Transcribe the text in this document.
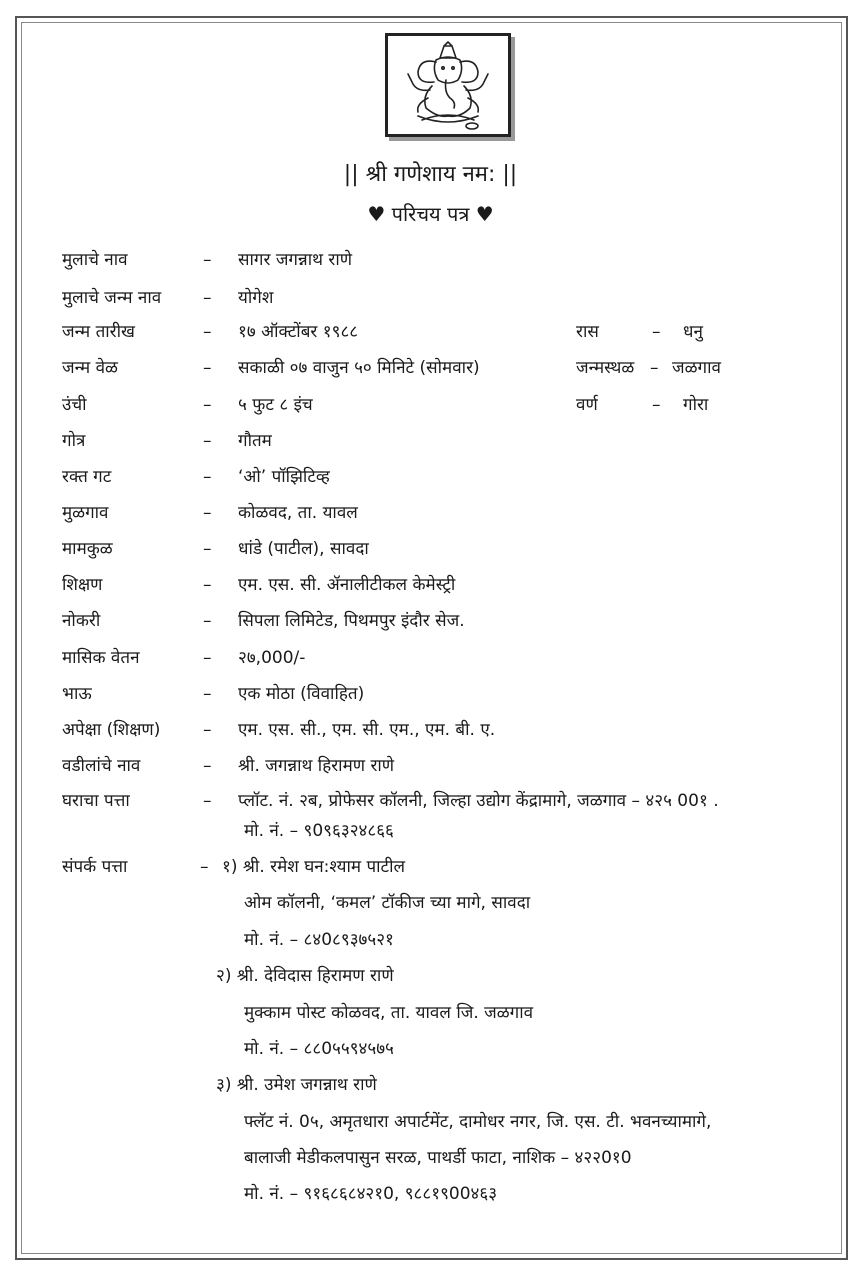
|| श्री गणेशाय नम: ||
♥ परिचय पत्र ♥
मुलाचे नाव	– सागर जगन्नाथ राणे
मुलाचे जन्म नाव – योगेश
जन्म तारीख	– १७ ऑक्टोंबर १९८८	रास	– धनु
जन्म वेळ	– सकाळी ०७ वाजुन ५० मिनिटे (सोमवार)	जन्मस्थळ – जळगाव
उंची	– ५ फुट ८ इंच	वर्ण	– गोरा
गोत्र	– गौतम
रक्त गट	– ‘ओ’ पॉझिटिव्ह
मुळगाव	– कोळवद, ता. यावल
मामकुळ	– धांडे (पाटील), सावदा
शिक्षण	– एम. एस. सी. ॲनालीटीकल केमेस्ट्री
नोकरी	– सिपला लिमिटेड, पिथमपुर इंदौर सेज.
मासिक वेतन	– २७,000/-
भाऊ	– एक मोठा (विवाहित)
अपेक्षा (शिक्षण)	– एम. एस. सी., एम. सी. एम., एम. बी. ए.
वडीलांचे नाव	– श्री. जगन्नाथ हिरामण राणे
घराचा पत्ता	– प्लॉट. नं. २ब, प्रोफेसर कॉलनी, जिल्हा उद्योग केंद्रामागे, जळगाव – ४२५ 00१ .
मो. नं. – ९0९६३२४८६६
संपर्क पत्ता	– १) श्री. रमेश घन:श्याम पाटील
ओम कॉलनी, ‘कमल’ टॉकीज च्या मागे, सावदा
मो. नं. – ८४0८९३७५२१
२) श्री. देविदास हिरामण राणे
मुक्काम पोस्ट कोळवद, ता. यावल जि. जळगाव
मो. नं. – ८८0५५९४५७५
३) श्री. उमेश जगन्नाथ राणे
फ्लॅट नं. 0५, अमृतधारा अपार्टमेंट, दामोधर नगर, जि. एस. टी. भवनच्यामागे,
बालाजी मेडीकलपासुन सरळ, पाथर्डी फाटा, नाशिक – ४२२0१0
मो. नं. – ९१६८६८४२१0, ९८८१९00४६३
